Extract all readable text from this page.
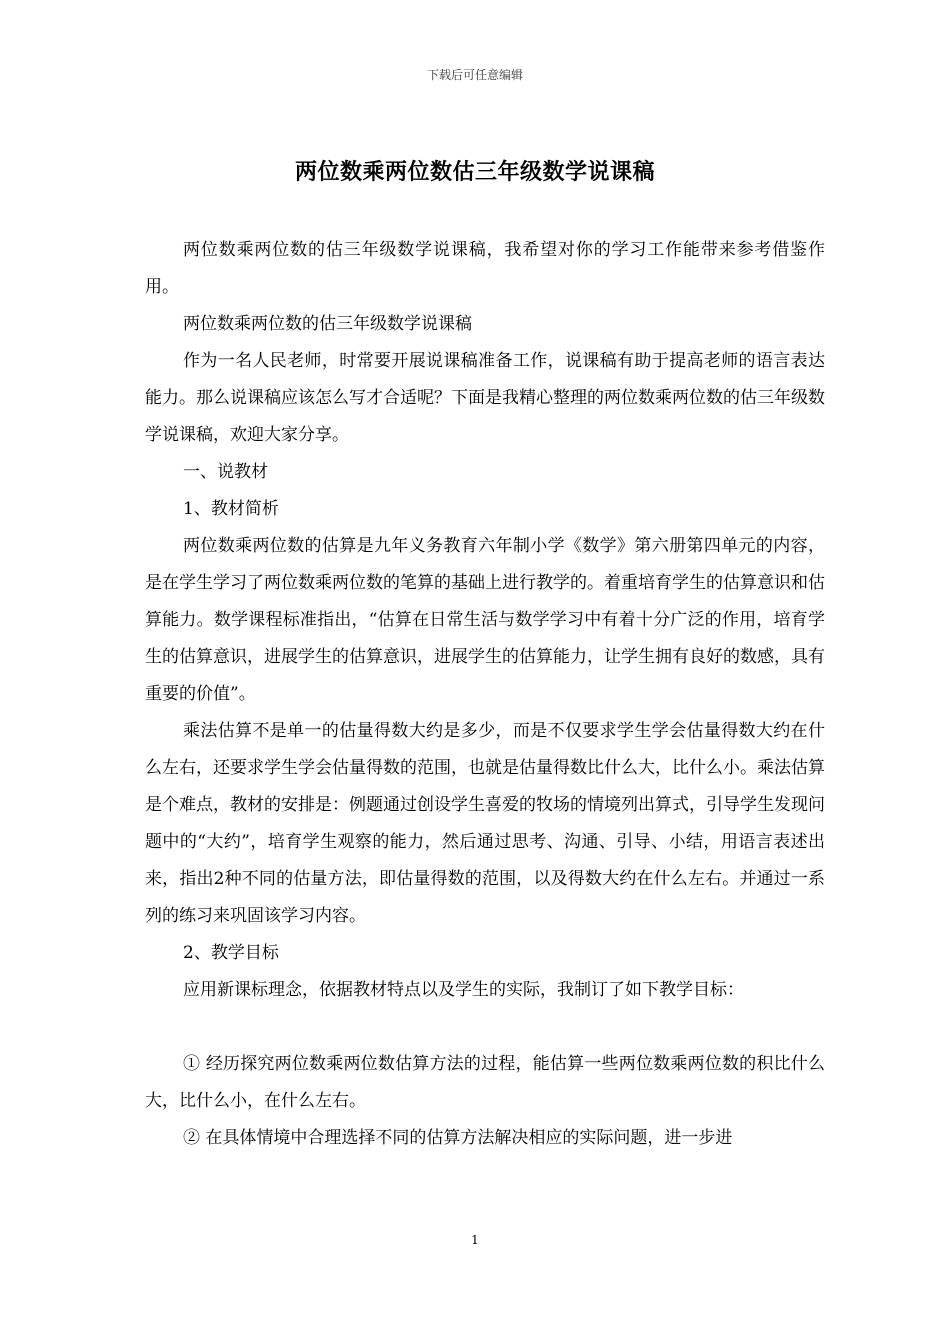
下载后可任意编辑
两位数乘两位数估三年级数学说课稿

两位数乘两位数的估三年级数学说课稿，我希望对你的学习工作能带来参考借鉴作用。

两位数乘两位数的估三年级数学说课稿

作为一名人民老师，时常要开展说课稿准备工作，说课稿有助于提高老师的语言表达能力。那么说课稿应该怎么写才合适呢？下面是我精心整理的两位数乘两位数的估三年级数学说课稿，欢迎大家分享。

一、说教材

1、教材简析

两位数乘两位数的估算是九年义务教育六年制小学《数学》第六册第四单元的内容，是在学生学习了两位数乘两位数的笔算的基础上进行教学的。着重培育学生的估算意识和估算能力。数学课程标准指出，“估算在日常生活与数学学习中有着十分广泛的作用，培育学生的估算意识，进展学生的估算意识，进展学生的估算能力，让学生拥有良好的数感，具有重要的价值”。

乘法估算不是单一的估量得数大约是多少，而是不仅要求学生学会估量得数大约在什么左右，还要求学生学会估量得数的范围，也就是估量得数比什么大，比什么小。乘法估算是个难点，教材的安排是：例题通过创设学生喜爱的牧场的情境列出算式，引导学生发现问题中的“大约”，培育学生观察的能力，然后通过思考、沟通、引导、小结，用语言表述出来，指出2种不同的估量方法，即估量得数的范围，以及得数大约在什么左右。并通过一系列的练习来巩固该学习内容。

2、教学目标

应用新课标理念，依据教材特点以及学生的实际，我制订了如下教学目标：

① 经历探究两位数乘两位数估算方法的过程，能估算一些两位数乘两位数的积比什么大，比什么小，在什么左右。

② 在具体情境中合理选择不同的估算方法解决相应的实际问题，进一步进

1
